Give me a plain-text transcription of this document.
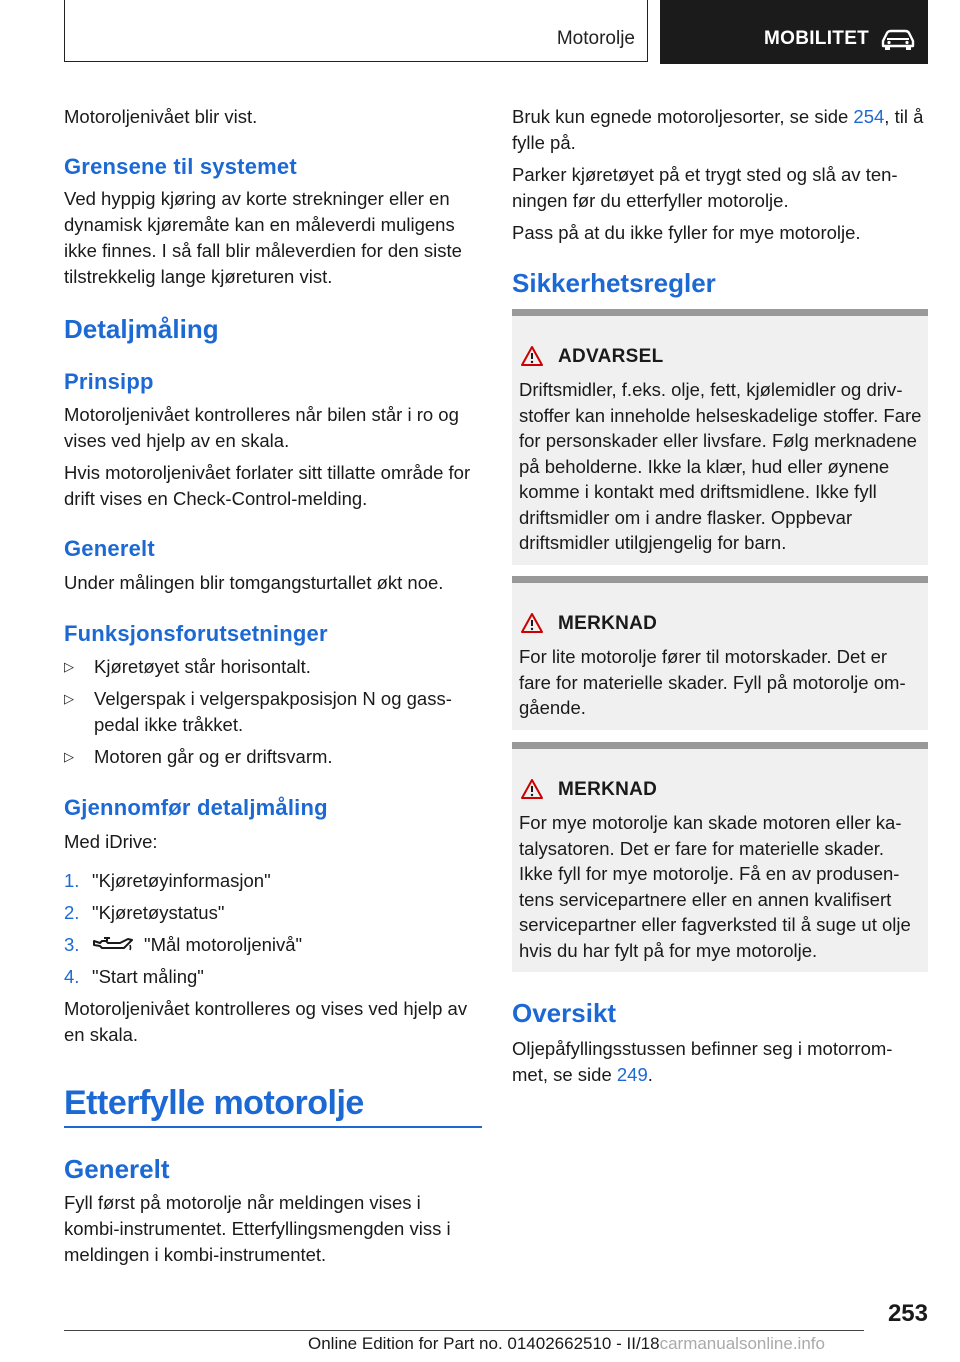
Motorolje	MOBILITET

Motoroljenivået blir vist.

Grensene til systemet

Ved hyppig kjøring av korte strekninger eller en dynamisk kjøremåte kan en måleverdi muligens ikke finnes. I så fall blir måleverdien for den siste tilstrekkelig lange kjøreturen vist.

Detaljmåling
Prinsipp

Motoroljenivået kontrolleres når bilen står i ro og vises ved hjelp av en skala.

Hvis motoroljenivået forlater sitt tillatte område for drift vises en Check-Control-melding.

Generelt

Under målingen blir tomgangsturtallet økt noe.

Funksjonsforutsetninger
▷ Kjøretøyet står horisontalt.
▷ Velgerspak i velgerspakposisjon N og gasspedal ikke tråkket.
▷ Motoren går og er driftsvarm.
Gjennomfør detaljmåling

Med iDrive:

1. "Kjøretøyinformasjon"
2. "Kjøretøystatus"
3.	"Mål motoroljenivå"
4. "Start måling"

Motoroljenivået kontrolleres og vises ved hjelp av en skala.

Etterfylle motorolje
Generelt

Fyll først på motorolje når meldingen vises i kombi-instrumentet. Etterfyllingsmengden viss i meldingen i kombi-instrumentet.

Bruk kun egnede motoroljesorter, se side 254, til å fylle på.

Parker kjøretøyet på et trygt sted og slå av tenningen før du etterfyller motorolje.

Pass på at du ikke fyller for mye motorolje.

Sikkerhetsregler
ADVARSEL
Driftsmidler, f.eks. olje, fett, kjølemidler og drivstoffer kan inneholde helseskadelige stoffer. Fare for personskader eller livsfare. Følg merknadene på beholderne. Ikke la klær, hud eller øynene komme i kontakt med driftsmidlene. Ikke fyll driftsmidler om i andre flasker. Oppbevar driftsmidler utilgjengelig for barn.
MERKNAD
For lite motorolje fører til motorskader. Det er fare for materielle skader. Fyll på motorolje omgående.
MERKNAD
For mye motorolje kan skade motoren eller katalysatoren. Det er fare for materielle skader. Ikke fyll for mye motorolje. Få en av produsentens servicepartnere eller en annen kvalifisert servicepartner eller fagverksted til å suge ut olje hvis du har fylt på for mye motorolje.
Oversikt

Oljepåfyllingsstussen befinner seg i motorrommet, se side 249.

253
Online Edition for Part no. 01402662510 - II/18carmanualsonline.info
